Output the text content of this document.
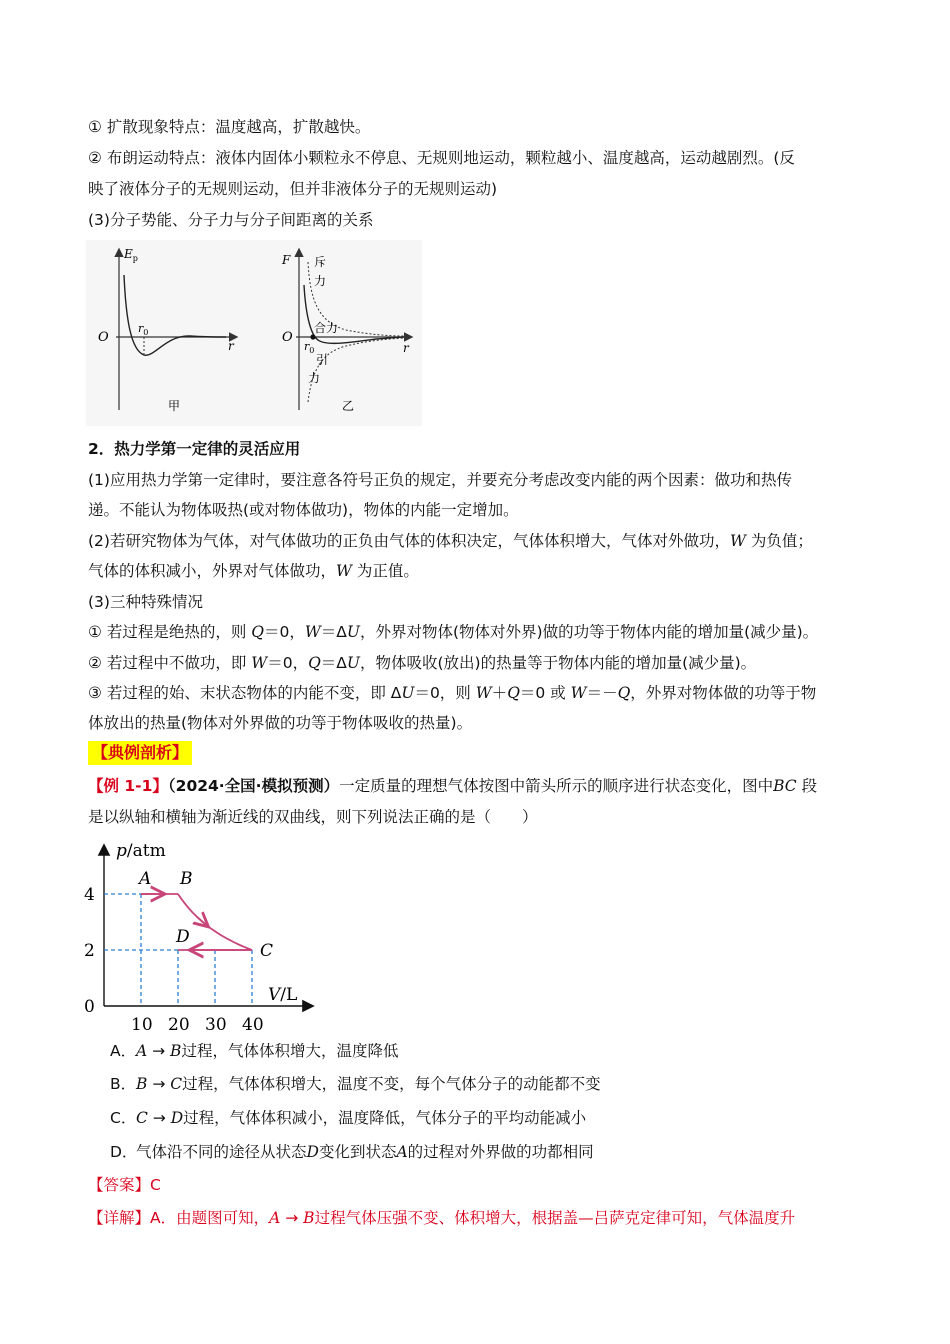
① 扩散现象特点：温度越高，扩散越快。
② 布朗运动特点：液体内固体小颗粒永不停息、无规则地运动，颗粒越小、温度越高，运动越剧烈。(反
映了液体分子的无规则运动，但并非液体分子的无规则运动)
(3)分子势能、分子力与分子间距离的关系
$E_p$
O
$r_0$
r
甲
F
O
$r_0$	r
斥
力
合力
引
力
乙
2．热力学第一定律的灵活应用
(1)应用热力学第一定律时，要注意各符号正负的规定，并要充分考虑改变内能的两个因素：做功和热传
递。不能认为物体吸热(或对物体做功)，物体的内能一定增加。
(2)若研究物体为气体，对气体做功的正负由气体的体积决定，气体体积增大，气体对外做功，W 为负值；
气体的体积减小，外界对气体做功，W 为正值。
(3)三种特殊情况
① 若过程是绝热的，则 Q＝0，W＝ΔU，外界对物体(物体对外界)做的功等于物体内能的增加量(减少量)。
② 若过程中不做功，即 W＝0，Q＝ΔU，物体吸收(放出)的热量等于物体内能的增加量(减少量)。
③ 若过程的始、末状态物体的内能不变，即 ΔU＝0，则 W＋Q＝0 或 W＝－Q，外界对物体做的功等于物
体放出的热量(物体对外界做的功等于物体吸收的热量)。
【典例剖析】
【例 1-1】（2024·全国·模拟预测）一定质量的理想气体按图中箭头所示的顺序进行状态变化，图中BC 段
是以纵轴和横轴为渐近线的双曲线，则下列说法正确的是（　　）
p/atm
V/L
4
2
0
10 20 30 40
A B
C
D
A．A → B过程，气体体积增大，温度降低
B．B → C过程，气体体积增大，温度不变，每个气体分子的动能都不变
C．C → D过程，气体体积减小，温度降低，气体分子的平均动能减小
D．气体沿不同的途径从状态D变化到状态A的过程对外界做的功都相同
【答案】C
【详解】A．由题图可知，A → B过程气体压强不变、体积增大，根据盖—吕萨克定律可知，气体温度升
